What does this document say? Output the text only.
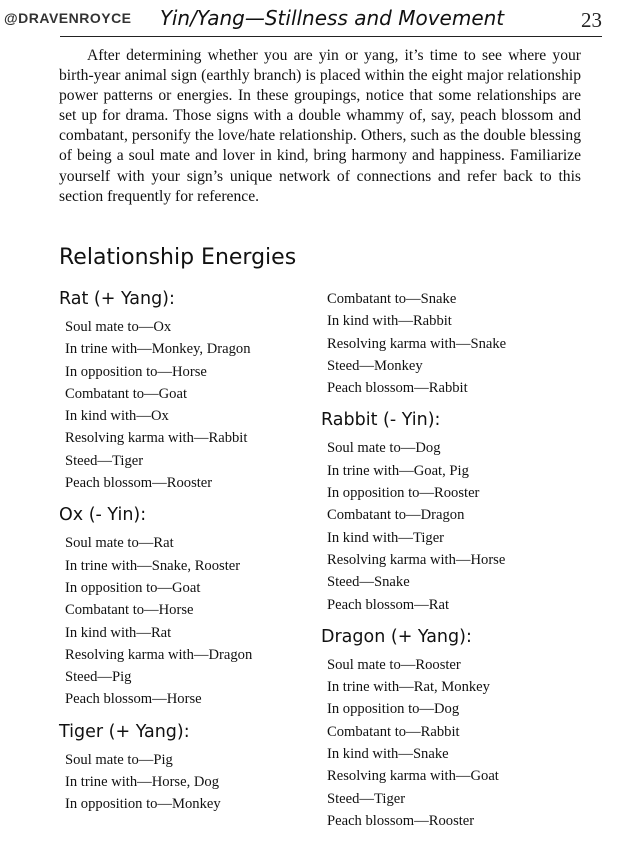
@DRAVENROYCE Yin/Yang—Stillness and Movement	23

After determining whether you are yin or yang, it’s time to see where your birth-year animal sign (earthly branch) is placed within the eight major relationship power patterns or energies. In these groupings, notice that some relationships are set up for drama. Those signs with a double whammy of, say, peach blossom and combatant, personify the love/hate relationship. Others, such as the double blessing of being a soul mate and lover in kind, bring harmony and happiness. Familiarize yourself with your sign’s unique network of connections and refer back to this section frequently for reference.

Relationship Energies
Rat (+ Yang):
Soul mate to—Ox
In trine with—Monkey, Dragon
In opposition to—Horse
Combatant to—Goat
In kind with—Ox
Resolving karma with—Rabbit
Steed—Tiger
Peach blossom—Rooster
Ox (- Yin):
Soul mate to—Rat
In trine with—Snake, Rooster
In opposition to—Goat
Combatant to—Horse
In kind with—Rat
Resolving karma with—Dragon
Steed—Pig
Peach blossom—Horse
Tiger (+ Yang):
Soul mate to—Pig
In trine with—Horse, Dog
In opposition to—Monkey
Combatant to—Snake
In kind with—Rabbit
Resolving karma with—Snake
Steed—Monkey
Peach blossom—Rabbit
Rabbit (- Yin):
Soul mate to—Dog
In trine with—Goat, Pig
In opposition to—Rooster
Combatant to—Dragon
In kind with—Tiger
Resolving karma with—Horse
Steed—Snake
Peach blossom—Rat
Dragon (+ Yang):
Soul mate to—Rooster
In trine with—Rat, Monkey
In opposition to—Dog
Combatant to—Rabbit
In kind with—Snake
Resolving karma with—Goat
Steed—Tiger
Peach blossom—Rooster
